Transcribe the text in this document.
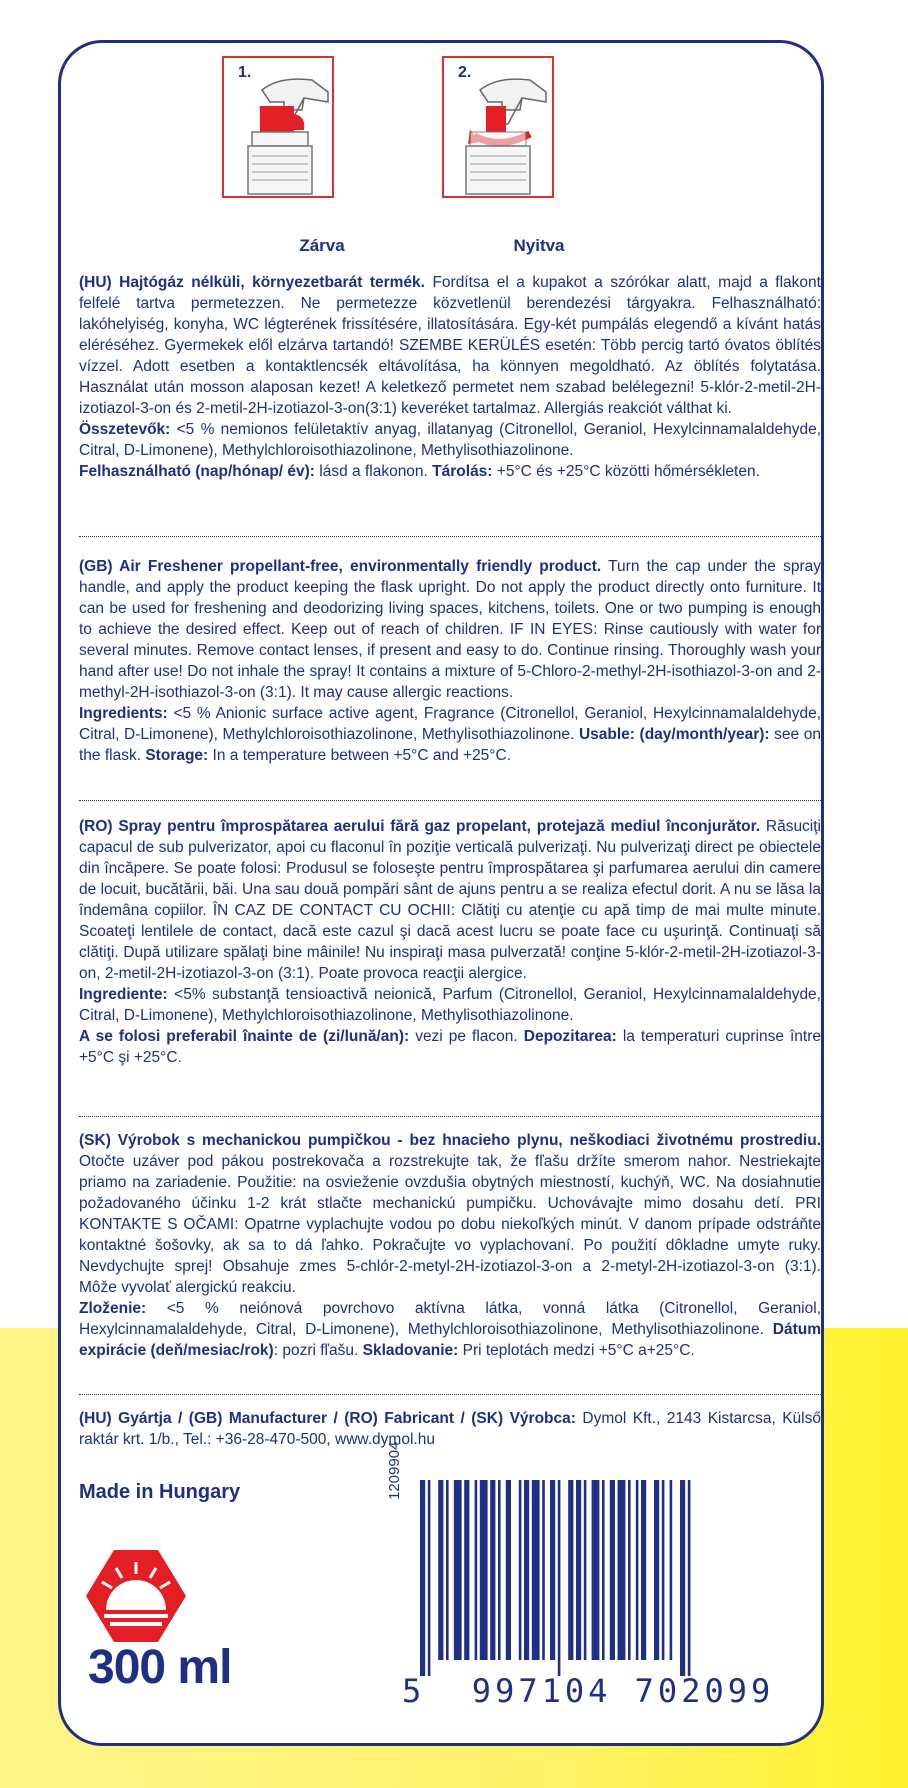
1.
Zárva
2.
Nyitva

(HU) Hajtógáz nélküli, környezetbarát termék. Fordítsa el a kupakot a szórókar alatt, majd a flakont felfelé tartva permetezzen. Ne permetezze közvetlenül berendezési tárgyakra. Felhasználható: lakóhelyiség, konyha, WC légterének frissítésére, illatosítására. Egy-két pumpálás elegendő a kívánt hatás eléréséhez. Gyermekek elől elzárva tartandó! SZEMBE KERÜLÉS esetén: Több percig tartó óvatos öblítés vízzel. Adott esetben a kontaktlencsék eltávolítása, ha könnyen megoldható. Az öblítés folytatása. Használat után mosson alaposan kezet! A keletkező permetet nem szabad belélegezni! 5-klór-2-metil-2H-izotiazol-3-on és 2-metil-2H-izotiazol-3-on(3:1) keveréket tartalmaz. Allergiás reakciót válthat ki.

Összetevők: <5 % nemionos felületaktív anyag, illatanyag (Citronellol, Geraniol, Hexylcinnamalaldehyde, Citral, D-Limonene), Methylchloroisothiazolinone, Methylisothiazolinone.

Felhasználható (nap/hónap/ év): lásd a flakonon. Tárolás: +5°C és +25°C közötti hőmérsékleten.

(GB) Air Freshener propellant-free, environmentally friendly product. Turn the cap under the spray handle, and apply the product keeping the flask upright. Do not apply the product directly onto furniture. It can be used for freshening and deodorizing living spaces, kitchens, toilets. One or two pumping is enough to achieve the desired effect. Keep out of reach of children. IF IN EYES: Rinse cautiously with water for several minutes. Remove contact lenses, if present and easy to do. Continue rinsing. Thoroughly wash your hand after use! Do not inhale the spray! It contains a mixture of 5-Chloro-2-methyl-2H-isothiazol-3-on and 2-methyl-2H-isothiazol-3-on (3:1). It may cause allergic reactions.

Ingredients: <5 % Anionic surface active agent, Fragrance (Citronellol, Geraniol, Hexylcinnamalaldehyde, Citral, D-Limonene), Methylchloroisothiazolinone, Methylisothiazolinone. Usable: (day/month/year): see on the flask. Storage: In a temperature between +5°C and +25°C.

(RO) Spray pentru împrospătarea aerului fără gaz propelant, protejază mediul înconjurător. Răsuciţi capacul de sub pulverizator, apoi cu flaconul în poziţie verticală pulverizaţi. Nu pulverizaţi direct pe obiectele din încăpere. Se poate folosi: Produsul se foloseşte pentru împrospătarea şi parfumarea aerului din camere de locuit, bucătării, băi. Una sau două pompări sânt de ajuns pentru a se realiza efectul dorit. A nu se lăsa la îndemâna copiilor. ÎN CAZ DE CONTACT CU OCHII: Clătiţi cu atenţie cu apă timp de mai multe minute. Scoateţi lentilele de contact, dacă este cazul şi dacă acest lucru se poate face cu uşurinţă. Continuaţi să clătiţi. După utilizare spălaţi bine mâinile! Nu inspiraţi masa pulverzată! conţine 5-klór-2-metil-2H-izotiazol-3-on, 2-metil-2H-izotiazol-3-on (3:1). Poate provoca reacţii alergice.

Ingrediente: <5% substanţă tensioactivă neionică, Parfum (Citronellol, Geraniol, Hexylcinnamalaldehyde, Citral, D-Limonene), Methylchloroisothiazolinone, Methylisothiazolinone.

A se folosi preferabil înainte de (zi/lună/an): vezi pe flacon. Depozitarea: la temperaturi cuprinse între +5°C şi +25°C.

(SK) Výrobok s mechanickou pumpičkou - bez hnacieho plynu, neškodiaci životnému prostrediu. Otočte uzáver pod pákou postrekovača a rozstrekujte tak, že fľašu držíte smerom nahor. Nestriekajte priamo na zariadenie. Použitie: na osvieženie ovzdušia obytných miestností, kuchýň, WC. Na dosiahnutie požadovaného účinku 1-2 krát stlačte mechanickú pumpičku. Uchovávajte mimo dosahu detí. PRI KONTAKTE S OČAMI: Opatrne vyplachujte vodou po dobu niekoľkých minút. V danom prípade odstráňte kontaktné šošovky, ak sa to dá ľahko. Pokračujte vo vyplachovaní. Po použití dôkladne umyte ruky. Nevdychujte sprej! Obsahuje zmes 5-chlór-2-metyl-2H-izotiazol-3-on a 2-metyl-2H-izotiazol-3-on (3:1). Môže vyvolať alergickú reakciu.

Zloženie: <5 % neiónová povrchovo aktívna látka, vonná látka (Citronellol, Geraniol, Hexylcinnamalaldehyde, Citral, D-Limonene), Methylchloroisothiazolinone, Methylisothiazolinone. Dátum expirácie (deň/mesiac/rok): pozri fľašu. Skladovanie: Pri teplotách medzi +5°C a+25°C.

(HU) Gyártja / (GB) Manufacturer / (RO) Fabricant / (SK) Výrobca: Dymol Kft., 2143 Kistarcsa, Külső raktár krt. 1/b., Tel.: +36-28-470-500, www.dymol.hu

Made in Hungary
300 ml
1209904
5 997104 702099
